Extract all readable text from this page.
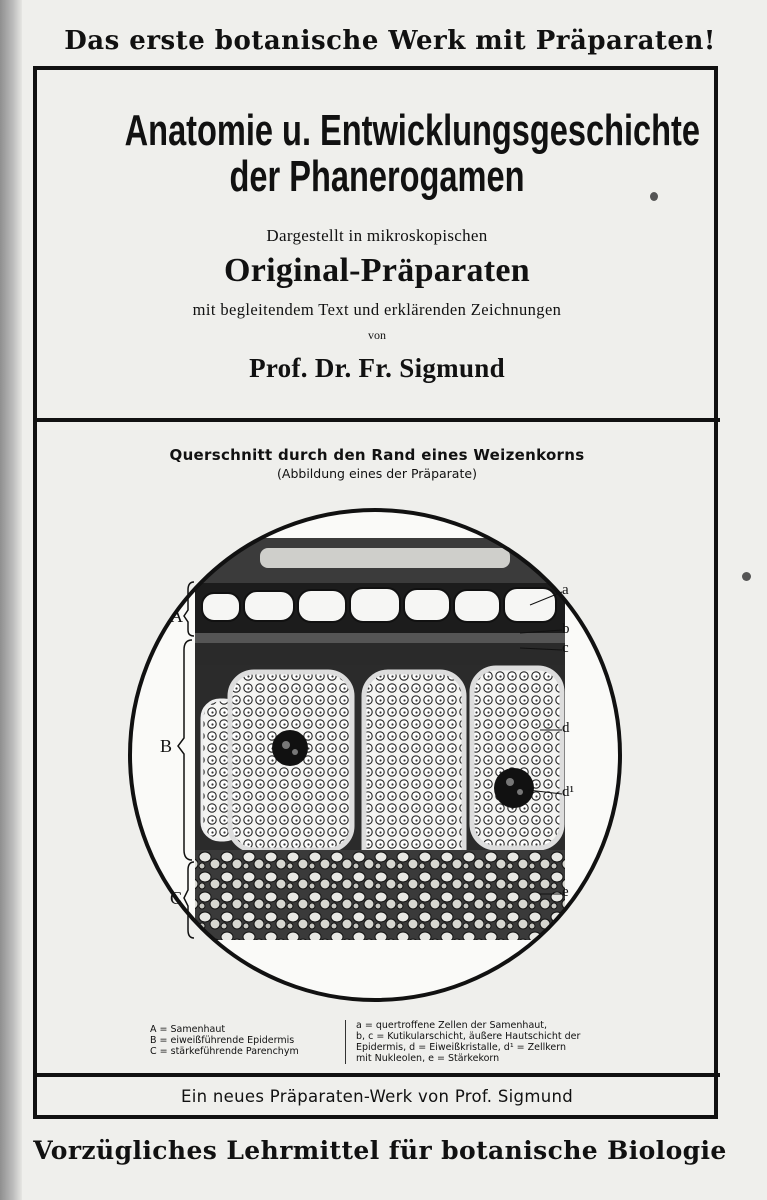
Das erste botanische Werk mit Präparaten!
Anatomie u. Entwicklungsgeschichte
der Phanerogamen
Dargestellt in mikroskopischen
Original-Präparaten
mit begleitendem Text und erklärenden Zeichnungen
von
Prof. Dr. Fr. Sigmund
Querschnitt durch den Rand eines Weizenkorns
(Abbildung eines der Präparate)
A
B
C
a
b
c
d
d¹
e
A = Samenhaut
B = eiweißführende Epidermis
C = stärkeführende Parenchym
a = quertroffene Zellen der Samenhaut,
b, c = Kutikularschicht, äußere Hautschicht der
Epidermis, d = Eiweißkristalle, d¹ = Zellkern
mit Nukleolen, e = Stärkekorn
Ein neues Präparaten-Werk von Prof. Sigmund
Vorzügliches Lehrmittel für botanische Biologie
